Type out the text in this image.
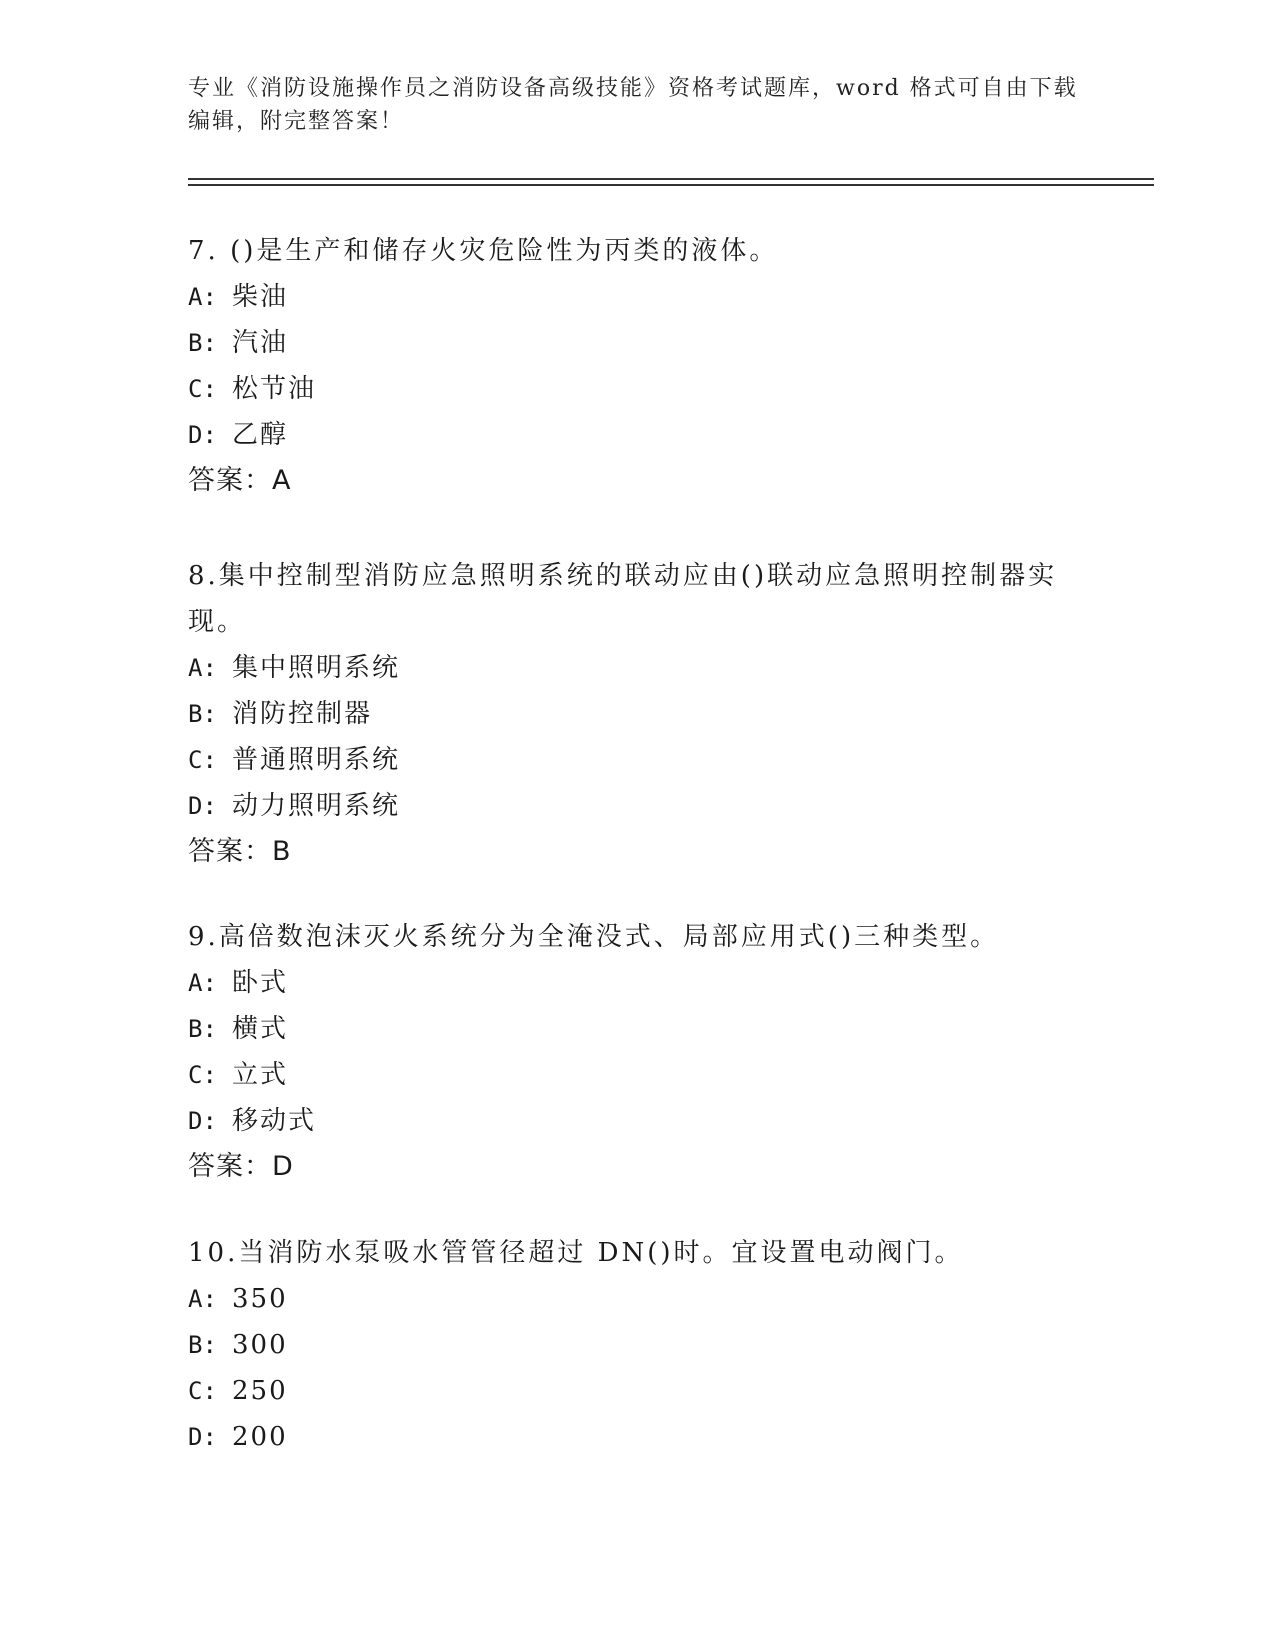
专业《消防设施操作员之消防设备高级技能》资格考试题库，word 格式可自由下载编辑，附完整答案！
7. ()是生产和储存火灾危险性为丙类的液体。
A: 柴油
B: 汽油
C: 松节油
D: 乙醇
答案：A
8.集中控制型消防应急照明系统的联动应由()联动应急照明控制器实现。
A: 集中照明系统
B: 消防控制器
C: 普通照明系统
D: 动力照明系统
答案：B
9.高倍数泡沫灭火系统分为全淹没式、局部应用式()三种类型。
A: 卧式
B: 横式
C: 立式
D: 移动式
答案：D
10.当消防水泵吸水管管径超过 DN()时。宜设置电动阀门。
A: 350
B: 300
C: 250
D: 200
